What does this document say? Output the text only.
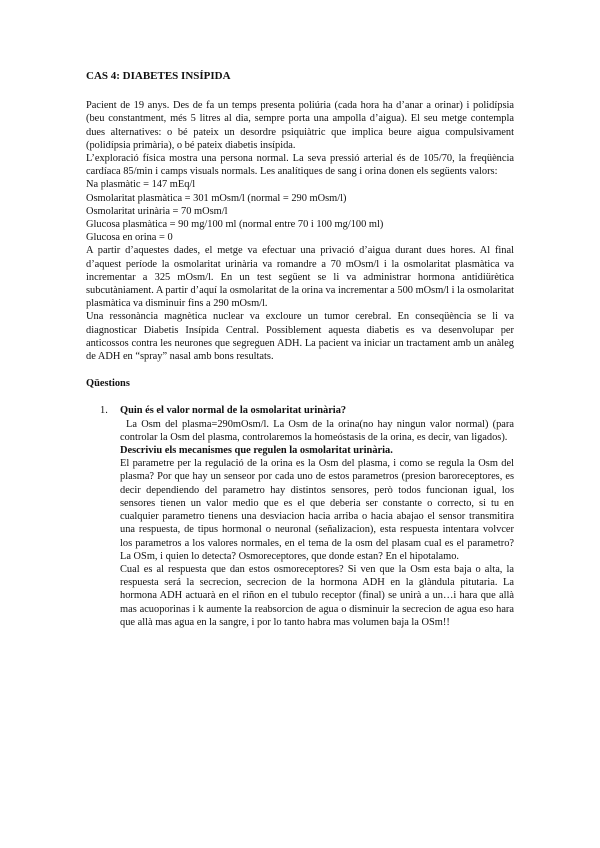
CAS 4: DIABETES INSÍPIDA

Pacient de 19 anys. Des de fa un temps presenta poliúria (cada hora ha d’anar a orinar) i polidípsia (beu constantment, més 5 litres al dia, sempre porta una ampolla d’aigua). El seu metge contempla dues alternatives: o bé pateix un desordre psiquiàtric que implica beure aigua compulsivament (polidípsia primària), o bé pateix diabetis insípida.

L’exploració física mostra una persona normal. La seva pressió arterial és de 105/70, la freqüència cardíaca 85/min i camps visuals normals. Les analítiques de sang i orina donen els següents valors:

Na plasmàtic = 147 mEq/l

Osmolaritat plasmàtica = 301 mOsm/l (normal = 290 mOsm/l)

Osmolaritat urinària = 70 mOsm/l

Glucosa plasmàtica = 90 mg/100 ml (normal entre 70 i 100 mg/100 ml)

Glucosa en orina = 0

A partir d’aquestes dades, el metge va efectuar una privació d’aigua durant dues hores. Al final d’aquest període la osmolaritat urinària va romandre a 70 mOsm/l i la osmolaritat plasmàtica va incrementar a 325 mOsm/l. En un test següent se li va administrar hormona antidiürètica subcutàniament. A partir d’aquí la osmolaritat de la orina va incrementar a 500 mOsm/l i la osmolaritat plasmàtica va disminuir fins a 290 mOsm/l.

Una ressonància magnètica nuclear va excloure un tumor cerebral. En conseqüència se li va diagnosticar Diabetis Insípida Central. Possiblement aquesta diabetis es va desenvolupar per anticossos contra les neurones que segreguen ADH. La pacient va iniciar un tractament amb un anàleg de ADH en “spray” nasal amb bons resultats.

Qüestions

1. Quin és el valor normal de la osmolaritat urinària?

La Osm del plasma=290mOsm/l. La Osm de la orina(no hay ningun valor normal) (para controlar la Osm del plasma, controlaremos la homeóstasis de la orina, es decir, van ligados).

Descriviu els mecanismes que regulen la osmolaritat urinària.

El parametre per la regulació de la orina es la Osm del plasma, i como se regula la Osm del plasma? Por que hay un senseor por cada uno de estos parametros (presion baroreceptores, es decir dependiendo del parametro hay distintos sensores, però todos funcionan igual, los sensores tienen un valor medio que es el que deberia ser constante o correcto, si tu en cualquier parametro tienens una desviacion hacia arriba o hacia abajao el sensor transmitira una respuesta, de tipus hormonal o neuronal (señalizacion), esta respuesta intentara volvcer los parametros a los valores normales, en el tema de la osm del plasam cual es el parametro? La OSm, i quien lo detecta? Osmoreceptores, que donde estan? En el hipotalamo.

Cual es al respuesta que dan estos osmoreceptores? Si ven que la Osm esta baja o alta, la respuesta será la secrecion, secrecion de la hormona ADH en la glàndula pitutaria. La hormona ADH actuarà en el riñon en el tubulo receptor (final) se unirà a un…i hara que allà mas acuoporinas i k aumente la reabsorcion de agua o disminuir la secrecion de agua eso hara que allà mas agua en la sangre, i por lo tanto habra mas volumen baja la OSm!!
